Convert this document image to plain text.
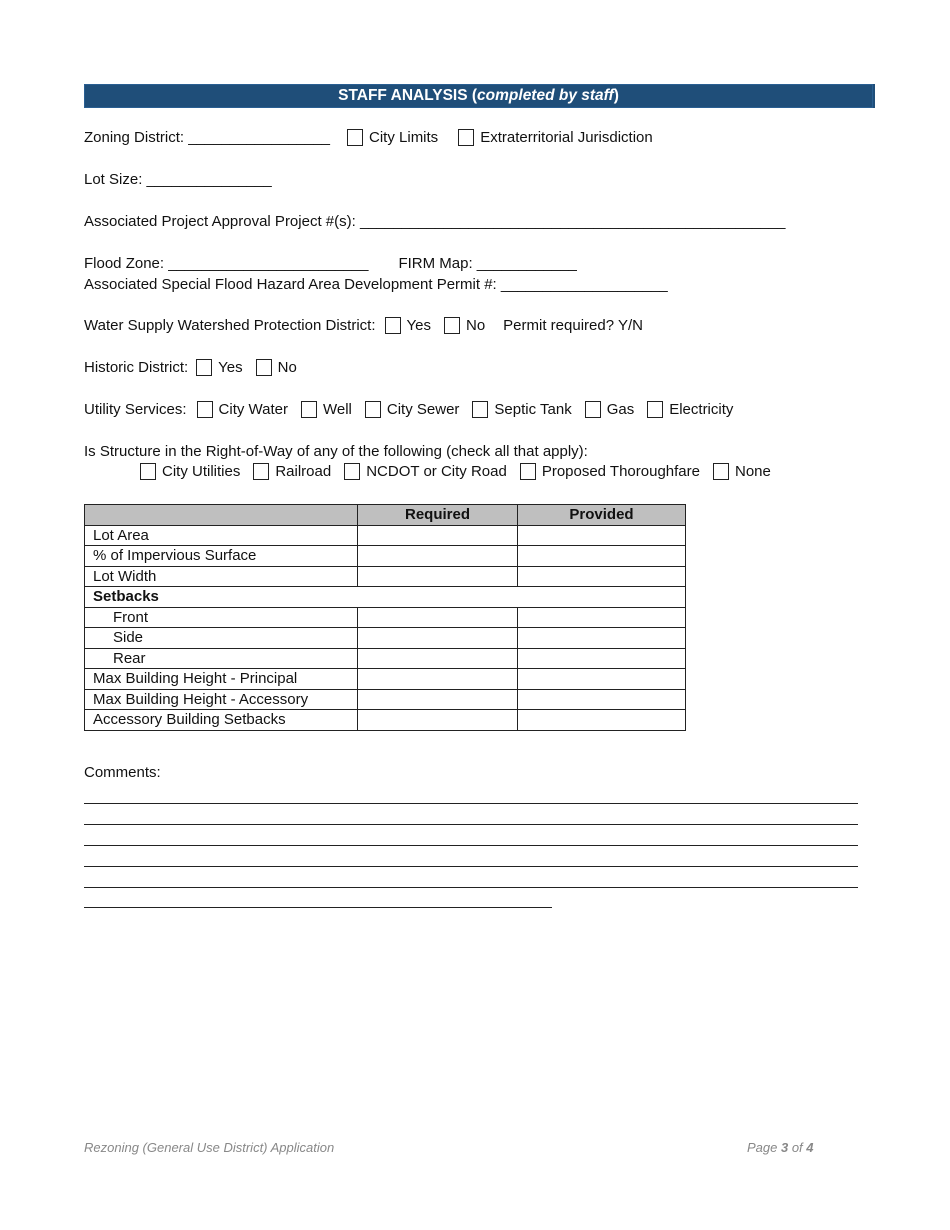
STAFF ANALYSIS (completed by staff)
Zoning District: _________________	City Limits	Extraterritorial Jurisdiction
Lot Size: _______________
Associated Project Approval Project #(s): ___________________________________________________
Flood Zone: ________________________ FIRM Map: ____________
Associated Special Flood Hazard Area Development Permit #: ____________________
Water Supply Watershed Protection District: Yes No Permit required? Y/N
Historic District: Yes No
Utility Services: City Water Well City Sewer Septic Tank Gas Electricity
Is Structure in the Right-of-Way of any of the following (check all that apply):
City Utilities Railroad NCDOT or City Road Proposed Thoroughfare None
	Required	Provided
Lot Area		
% of Impervious Surface		
Lot Width		
Setbacks		
Front		
Side		
Rear		
Max Building Height - Principal		
Max Building Height - Accessory		
Accessory Building Setbacks		
Comments:
Rezoning (General Use District) Application	Page 3 of 4
